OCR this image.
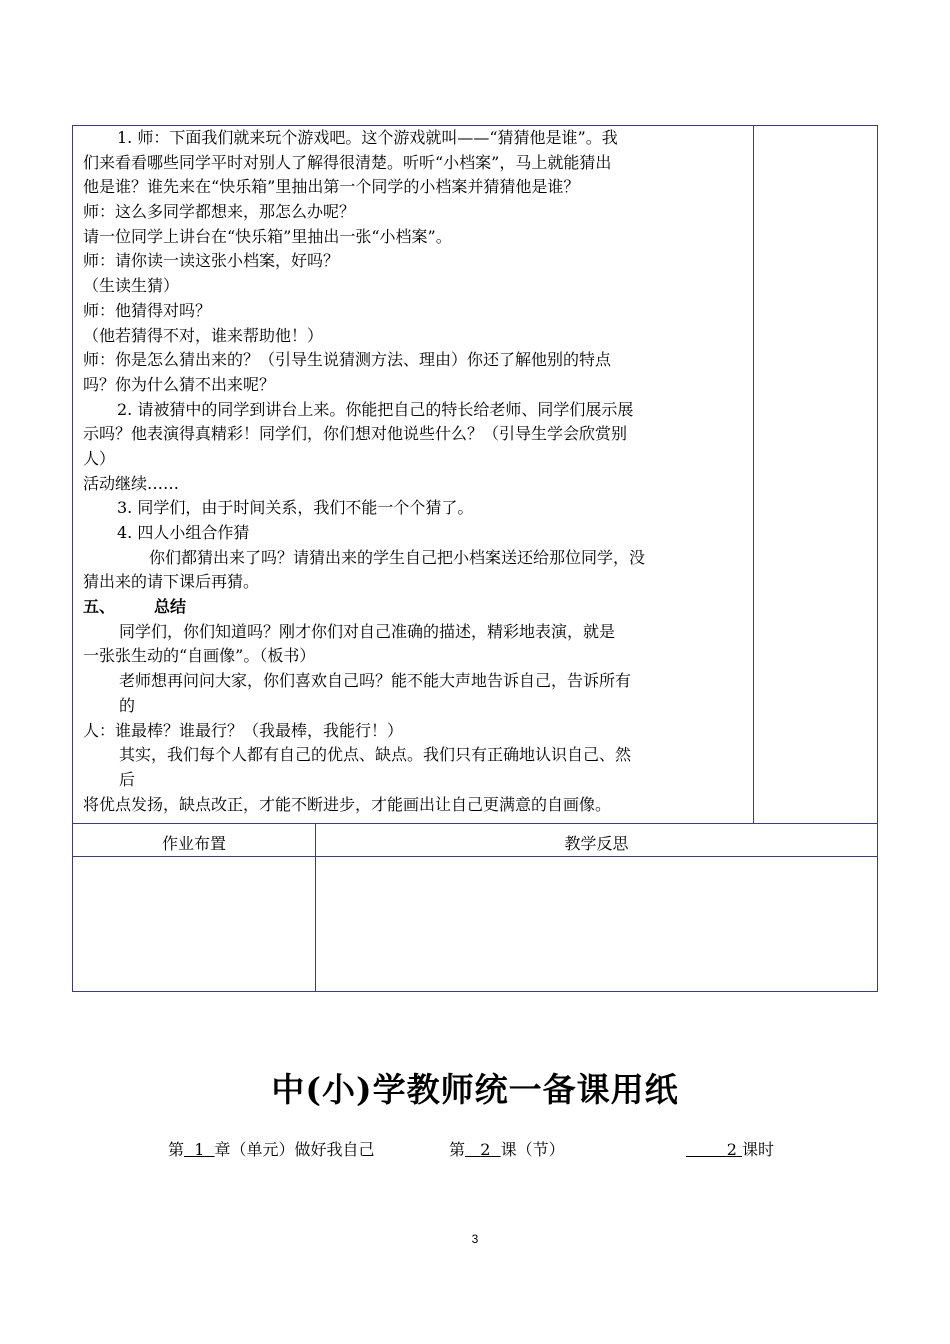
1. 师：下面我们就来玩个游戏吧。这个游戏就叫——“猜猜他是谁”。我
们来看看哪些同学平时对别人了解得很清楚。听听“小档案”，马上就能猜出
他是谁？谁先来在“快乐箱”里抽出第一个同学的小档案并猜猜他是谁？
师：这么多同学都想来，那怎么办呢？
请一位同学上讲台在“快乐箱”里抽出一张“小档案”。
师：请你读一读这张小档案，好吗？
（生读生猜）
师：他猜得对吗？
（他若猜得不对，谁来帮助他！）
师：你是怎么猜出来的？（引导生说猜测方法、理由）你还了解他别的特点
吗？你为什么猜不出来呢？
2. 请被猜中的同学到讲台上来。你能把自己的特长给老师、同学们展示展
示吗？他表演得真精彩！同学们，你们想对他说些什么？（引导生学会欣赏别
人）
活动继续……
3. 同学们，由于时间关系，我们不能一个个猜了。
4. 四人小组合作猜
你们都猜出来了吗？请猜出来的学生自己把小档案送还给那位同学，没
猜出来的请下课后再猜。
五、       总结
同学们，你们知道吗？刚才你们对自己准确的描述，精彩地表演，就是
一张张生动的“自画像”。（板书）
老师想再问问大家，你们喜欢自己吗？能不能大声地告诉自己，告诉所有
的
人：谁最棒？谁最行？（我最棒，我能行！）
其实，我们每个人都有自己的优点、缺点。我们只有正确地认识自己、然
后
将优点发扬，缺点改正，才能不断进步，才能画出让自己更满意的自画像。
作业布置	教学反思
中(小)学教师统一备课用纸
第 1 章（单元）做好我自己	第 2 课（节）	2 课时
3
